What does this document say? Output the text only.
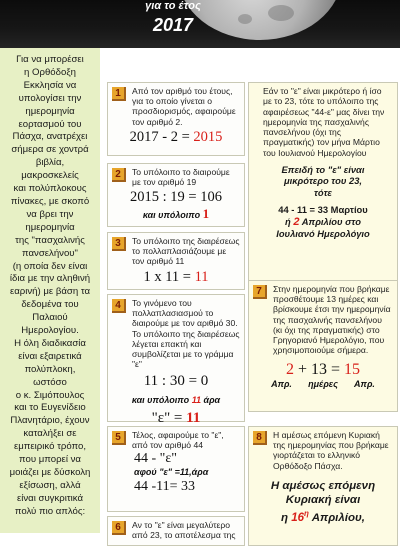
για το έτος
2017
Για να μπορέσει
η Ορθόδοξη
Εκκλησία να
υπολογίσει την
ημερομηνία
εορτασμού του
Πάσχα, ανατρέχει
σήμερα σε χοντρά
βιβλία,
μακροσκελείς
και πολύπλοκους
πίνακες, με σκοπό
να βρει την
ημερομηνία
της "πασχαλινής
πανσελήνου"
(η οποία δεν είναι
ίδια με την αληθινή
εαρινή) με βάση τα
δεδομένα του
Παλαιού
Ημερολογίου.
Η όλη διαδικασία
είναι εξαιρετικά
πολύπλοκη,
ωστόσο
ο κ. Σιμόπουλος
και το Ευγενίδειο
Πλανητάριο, έχουν
καταλήξει σε
εμπειρικό τρόπο,
που μπορεί να
μοιάζει με δύσκολη
εξίσωση, αλλά
είναι συγκριτικά
πολύ πιο απλός:
1	Από τον αριθμό του έτους, για το οποίο γίνεται ο προσδιορισμός, αφαιρούμε τον αριθμό 2.
2017 - 2 = 2015
2	Το υπόλοιπο το διαιρούμε με τον αριθμό 19
2015 : 19 = 106
και υπόλοιπο 1
3	Το υπόλοιπο της διαιρέσεως το πολλαπλασιάζουμε με τον αριθμό 11
1 x 11 = 11
4	Το γινόμενο του πολλαπλασιασμού το διαιρούμε με τον αριθμό 30. Το υπόλοιπο της διαιρέσεως λέγεται επακτή και συμβολίζεται με το γράμμα "ε"
11 : 30 = 0
και υπόλοιπο 11 άρα
"ε" = 11
5	Τέλος, αφαιρούμε το "ε", από τον αριθμό 44
44 - "ε"
αφού "ε" =11,άρα
44 -11= 33
6	Αν το "ε" είναι μεγαλύτερο από 23, το αποτέλεσμα της
Εάν το "ε" είναι μικρότερο ή ίσο με το 23, τότε το υπόλοιπο της αφαιρέσεως "44-ε" μας δίνει την ημερομηνία της πασχαλινής πανσελήνου (όχι της πραγματικής) τον μήνα Μάρτιο του Ιουλιανού Ημερολογίου
Επειδή το "ε" είναι
μικρότερο του 23,
τότε
44 - 11 = 33 Μαρτίου
ή 2 Απριλίου στο
Ιουλιανό Ημερολόγιο
7	Στην ημερομηνία που βρήκαμε προσθέτουμε 13 ημέρες και βρίσκουμε έτσι την ημερομηνία της πασχαλινής πανσελήνου (κι όχι της πραγματικής) στο Γρηγοριανό Ημερολόγιο, που χρησιμοποιούμε σήμερα.
2 + 13 = 15
Απρ. ημέρες Απρ.
8	Η αμέσως επόμενη Κυριακή της ημερομηνίας που βρήκαμε γιορτάζεται το ελληνικό Ορθόδοξο Πάσχα.
Η αμέσως επόμενη
Κυριακή είναι
η $16^\eta$ Απριλίου,
